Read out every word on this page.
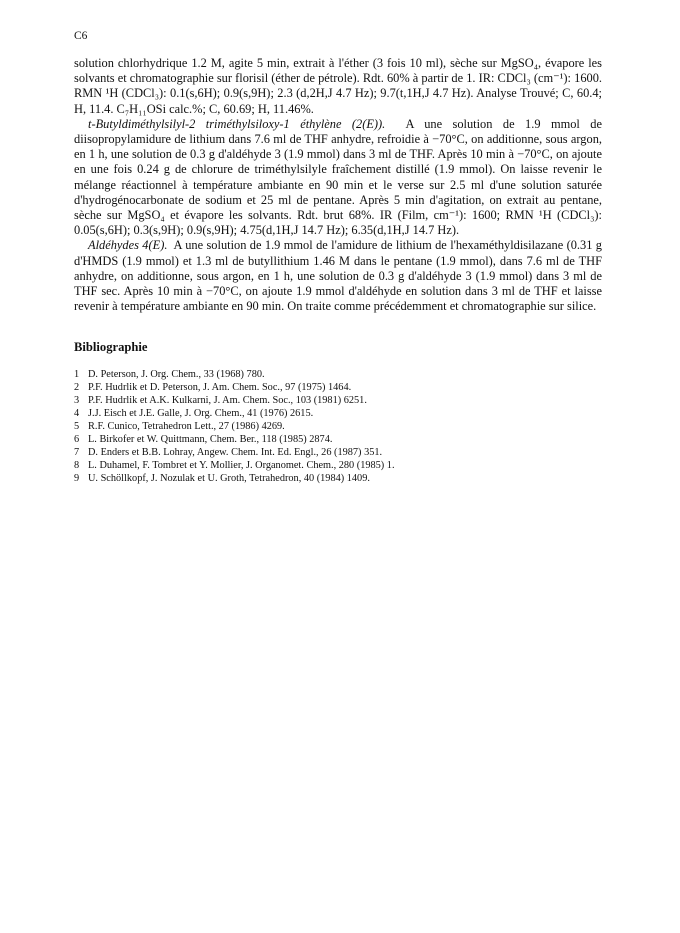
C6

solution chlorhydrique 1.2 M, agite 5 min, extrait à l'éther (3 fois 10 ml), sèche sur MgSO₄, évapore les solvants et chromatographie sur florisil (éther de pétrole). Rdt. 60% à partir de 1. IR: CDCl₃ (cm⁻¹): 1600. RMN ¹H (CDCl₃): 0.1(s,6H); 0.9(s,9H); 2.3 (d,2H,J 4.7 Hz); 9.7(t,1H,J 4.7 Hz). Analyse Trouvé; C, 60.4; H, 11.4. C₇H₁₁OSi calc.%; C, 60.69; H, 11.46%.

t-Butyldiméthylsilyl-2 triméthylsiloxy-1 éthylène (2(E)). A une solution de 1.9 mmol de diisopropylamidure de lithium dans 7.6 ml de THF anhydre, refroidie à −70°C, on additionne, sous argon, en 1 h, une solution de 0.3 g d'aldéhyde 3 (1.9 mmol) dans 3 ml de THF. Après 10 min à −70°C, on ajoute en une fois 0.24 g de chlorure de triméthylsilyle fraîchement distillé (1.9 mmol). On laisse revenir le mélange réactionnel à température ambiante en 90 min et le verse sur 2.5 ml d'une solution saturée d'hydrogénocarbonate de sodium et 25 ml de pentane. Après 5 min d'agitation, on extrait au pentane, sèche sur MgSO₄ et évapore les solvants. Rdt. brut 68%. IR (Film, cm⁻¹): 1600; RMN ¹H (CDCl₃): 0.05(s,6H); 0.3(s,9H); 0.9(s,9H); 4.75(d,1H,J 14.7 Hz); 6.35(d,1H,J 14.7 Hz).

Aldéhydes 4(E). A une solution de 1.9 mmol de l'amidure de lithium de l'hexaméthyldisilazane (0.31 g d'HMDS (1.9 mmol) et 1.3 ml de butyllithium 1.46 M dans le pentane (1.9 mmol), dans 7.6 ml de THF anhydre, on additionne, sous argon, en 1 h, une solution de 0.3 g d'aldéhyde 3 (1.9 mmol) dans 3 ml de THF sec. Après 10 min à −70°C, on ajoute 1.9 mmol d'aldéhyde en solution dans 3 ml de THF et laisse revenir à température ambiante en 90 min. On traite comme précédemment et chromatographie sur silice.

Bibliographie
1 D. Peterson, J. Org. Chem., 33 (1968) 780.
2 P.F. Hudrlik et D. Peterson, J. Am. Chem. Soc., 97 (1975) 1464.
3 P.F. Hudrlik et A.K. Kulkarni, J. Am. Chem. Soc., 103 (1981) 6251.
4 J.J. Eisch et J.E. Galle, J. Org. Chem., 41 (1976) 2615.
5 R.F. Cunico, Tetrahedron Lett., 27 (1986) 4269.
6 L. Birkofer et W. Quittmann, Chem. Ber., 118 (1985) 2874.
7 D. Enders et B.B. Lohray, Angew. Chem. Int. Ed. Engl., 26 (1987) 351.
8 L. Duhamel, F. Tombret et Y. Mollier, J. Organomet. Chem., 280 (1985) 1.
9 U. Schöllkopf, J. Nozulak et U. Groth, Tetrahedron, 40 (1984) 1409.
